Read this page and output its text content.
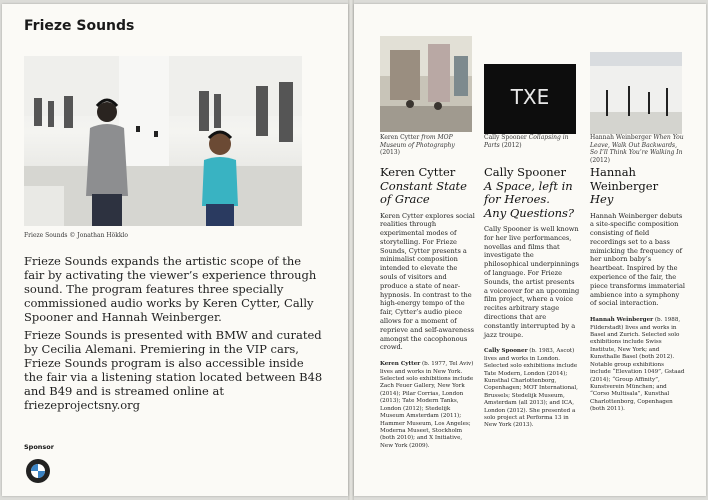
Frieze Sounds
Frieze Sounds © Jonathan Hökklo
Frieze Sounds expands the artistic scope of the fair by activating the viewer’s experience through sound. The program features three specially commissioned audio works by Keren Cytter, Cally Spooner and Hannah Weinberger.
Frieze Sounds is presented with BMW and curated by Cecilia Alemani. Premiering in the VIP cars, Frieze Sounds program is also accessible inside the fair via a listening station located between B48 and B49 and is streamed online at friezeprojectsny.org
Sponsor
TXE
Keren Cytter from MOP Museum of Photography (2013)
Keren Cytter
Constant State
of Grace
Keren Cytter explores social realities through experimental modes of storytelling. For Frieze Sounds, Cytter presents a minimalist composition intended to elevate the souls of visitors and produce a state of near-hypnosis. In contrast to the high-energy tempo of the fair, Cytter’s audio piece allows for a moment of reprieve and self-awareness amongst the cacophonous crowd.
Keren Cytter (b. 1977, Tel Aviv) lives and works in New York. Selected solo exhibitions include Zach Feuer Gallery, New York (2014); Pilar Corrias, London (2013); Tate Modern Tanks, London (2012); Stedelijk Museum Amsterdam (2011); Hammer Museum, Los Angeles; Moderna Museet, Stockholm (both 2010); and X Initiative, New York (2009).
Cally Spooner Collapsing in Parts (2012)
Cally Spooner
A Space, left in
for Heroes.
Any Questions?
Cally Spooner is well known for her live performances, novellas and films that investigate the philosophical underpinnings of language. For Frieze Sounds, the artist presents a voiceover for an upcoming film project, where a voice recites arbitrary stage directions that are constantly interrupted by a jazz troupe.
Cally Spooner (b. 1983, Ascot) lives and works in London. Selected solo exhibitions include Tate Modern, London (2014); Kunsthal Charlottenborg, Copenhagen; MOT International, Brussels; Stedelijk Museum, Amsterdam (all 2013); and ICA, London (2012). She presented a solo project at Performa 13 in New York (2013).
Hannah Weinberger When You Leave, Walk Out Backwards, So I’ll Think You’re Walking In (2012)
Hannah Weinberger
Hey
Hannah Weinberger debuts a site-specific composition consisting of field recordings set to a bass mimicking the frequency of her unborn baby’s heartbeat. Inspired by the experience of the fair, the piece transforms immaterial ambience into a symphony of social interaction.
Hannah Weinberger (b. 1988, Filderstadt) lives and works in Basel and Zurich. Selected solo exhibitions include Swiss Institute, New York; and Kunsthalle Basel (both 2012). Notable group exhibitions include “Elevation 1049”, Gstaad (2014); “Group Affinity”, Kunstverein München; and “Corso Multisala”, Kunsthal Charlottenborg, Copenhagen (both 2011).
